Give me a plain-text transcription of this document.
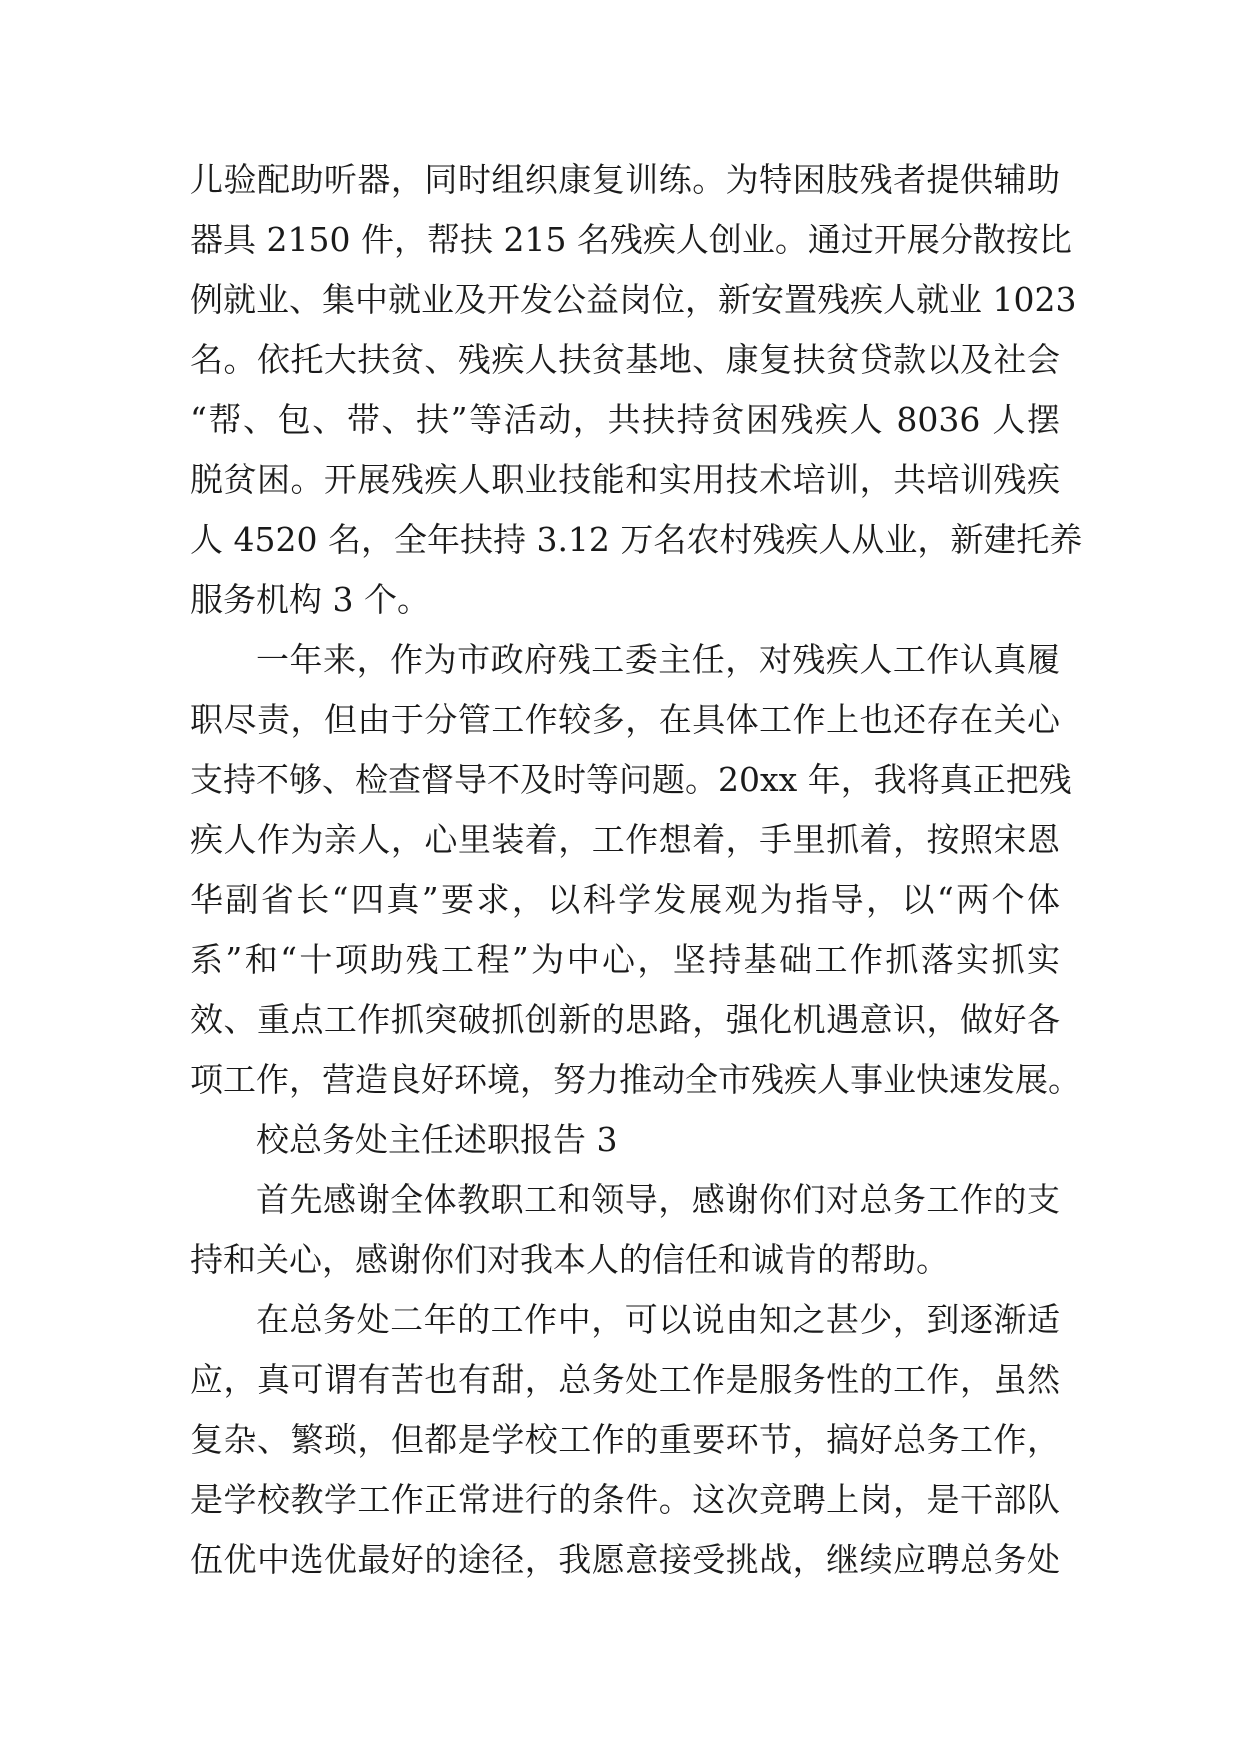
儿验配助听器，同时组织康复训练。为特困肢残者提供辅助
器具 2150 件，帮扶 215 名残疾人创业。通过开展分散按比
例就业、集中就业及开发公益岗位，新安置残疾人就业 1023
名。依托大扶贫、残疾人扶贫基地、康复扶贫贷款以及社会
“帮、包、带、扶”等活动，共扶持贫困残疾人 8036 人摆
脱贫困。开展残疾人职业技能和实用技术培训，共培训残疾
人 4520 名，全年扶持 3.12 万名农村残疾人从业，新建托养
服务机构 3 个。
一年来，作为市政府残工委主任，对残疾人工作认真履
职尽责，但由于分管工作较多，在具体工作上也还存在关心
支持不够、检查督导不及时等问题。20xx 年，我将真正把残
疾人作为亲人，心里装着，工作想着，手里抓着，按照宋恩
华副省长“四真”要求，以科学发展观为指导，以“两个体
系”和“十项助残工程”为中心，坚持基础工作抓落实抓实
效、重点工作抓突破抓创新的思路，强化机遇意识，做好各
项工作，营造良好环境，努力推动全市残疾人事业快速发展。
校总务处主任述职报告 3
首先感谢全体教职工和领导，感谢你们对总务工作的支
持和关心，感谢你们对我本人的信任和诚肯的帮助。
在总务处二年的工作中，可以说由知之甚少，到逐渐适
应，真可谓有苦也有甜，总务处工作是服务性的工作，虽然
复杂、繁琐，但都是学校工作的重要环节，搞好总务工作，
是学校教学工作正常进行的条件。这次竞聘上岗，是干部队
伍优中选优最好的途径，我愿意接受挑战，继续应聘总务处
